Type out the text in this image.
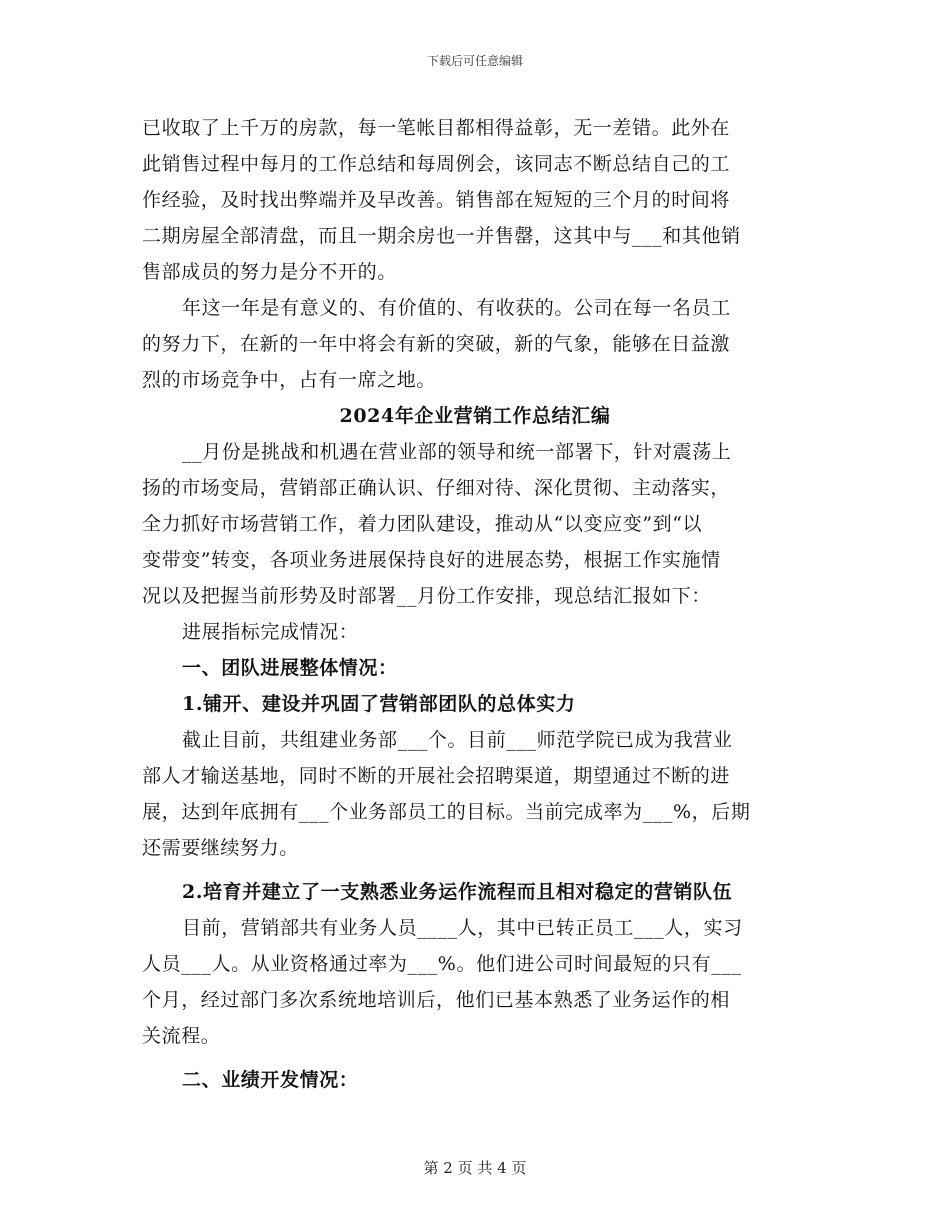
下载后可任意编辑
已收取了上千万的房款，每一笔帐目都相得益彰，无一差错。此外在
此销售过程中每月的工作总结和每周例会，该同志不断总结自己的工
作经验，及时找出弊端并及早改善。销售部在短短的三个月的时间将
二期房屋全部清盘，而且一期余房也一并售罄，这其中与___和其他销
售部成员的努力是分不开的。
年这一年是有意义的、有价值的、有收获的。公司在每一名员工
的努力下，在新的一年中将会有新的突破，新的气象，能够在日益激
烈的市场竞争中，占有一席之地。
2024年企业营销工作总结汇编
__月份是挑战和机遇在营业部的领导和统一部署下，针对震荡上
扬的市场变局，营销部正确认识、仔细对待、深化贯彻、主动落实，
全力抓好市场营销工作，着力团队建设，推动从“以变应变”到“以
变带变”转变，各项业务进展保持良好的进展态势，根据工作实施情
况以及把握当前形势及时部署__月份工作安排，现总结汇报如下：
进展指标完成情况：
一、团队进展整体情况：
1.铺开、建设并巩固了营销部团队的总体实力
截止目前，共组建业务部___个。目前___师范学院已成为我营业
部人才输送基地，同时不断的开展社会招聘渠道，期望通过不断的进
展，达到年底拥有___个业务部员工的目标。当前完成率为___%，后期
还需要继续努力。
2.培育并建立了一支熟悉业务运作流程而且相对稳定的营销队伍
目前，营销部共有业务人员____人，其中已转正员工___人，实习
人员___人。从业资格通过率为___%。他们进公司时间最短的只有___
个月，经过部门多次系统地培训后，他们已基本熟悉了业务运作的相
关流程。
二、业绩开发情况：
第 2 页 共 4 页
